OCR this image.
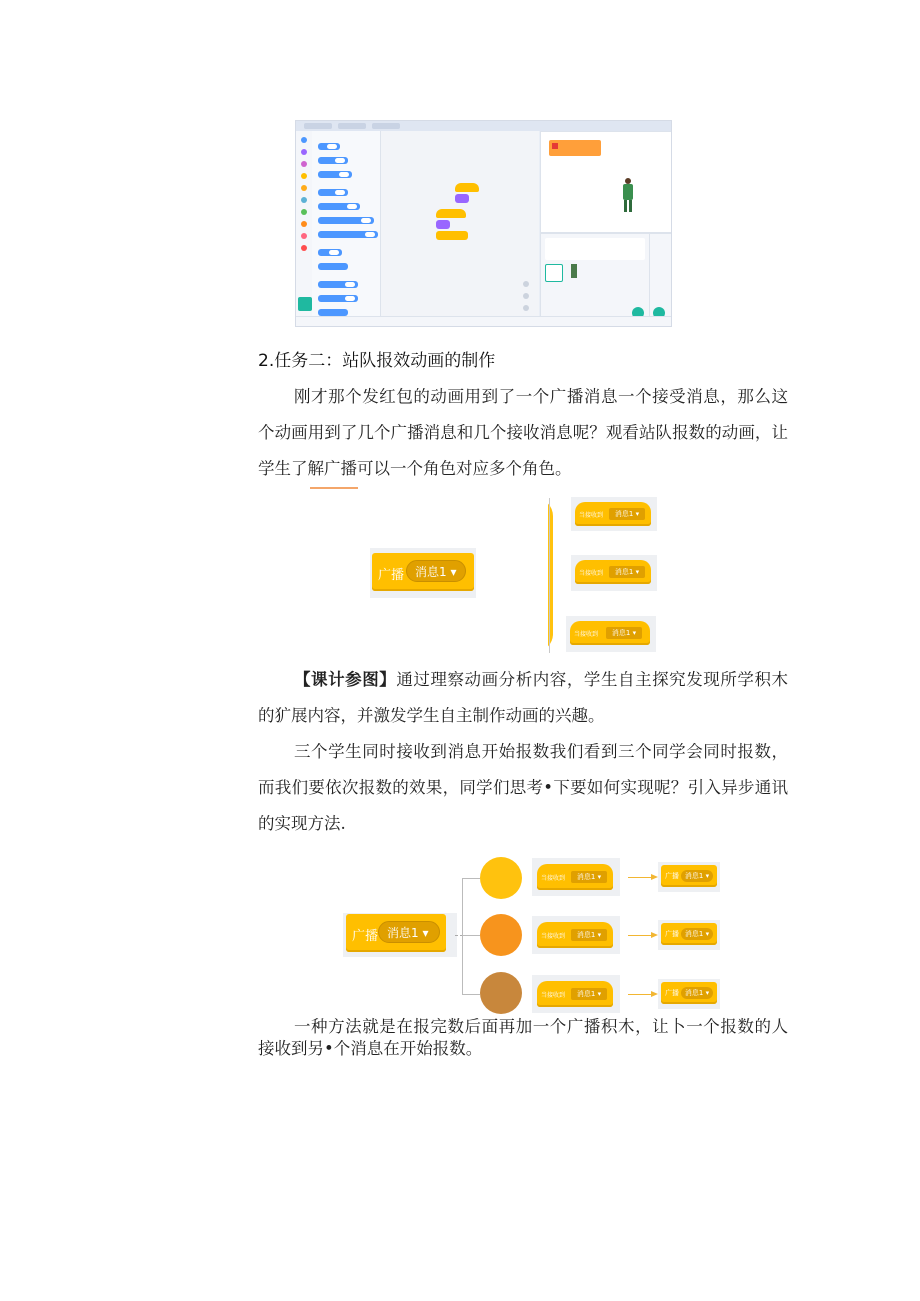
2.任务二：站队报效动画的制作
刚才那个发红包的动画用到了一个广播消息一个接受消息，那么这个动画用到了几个广播消息和几个接收消息呢？观看站队报数的动画，让学生了解广播可以一个角色对应多个角色。
广播 消息1 ▾
当接收到	消息1 ▾
当接收到	消息1 ▾
当接收到	消息1 ▾
【课计参图】通过理察动画分析内容，学生自主探究发现所学积木的犷展内容，并激发学生自主制作动画的兴趣。
三个学生同时接收到消息开始报数我们看到三个同学会同时报数，而我们要依次报数的效果，同学们思考•下要如何实现呢？引入异步通讯的实现方法.
广播 消息1 ▾
当接收到	消息1 ▾	广播 消息1 ▾
当接收到	消息1 ▾	广播 消息1 ▾
当接收到	消息1 ▾	广播 消息1 ▾
一种方法就是在报完数后面再加一个广播积木，让卜一个报数的人接收到另•个消息在开始报数。
